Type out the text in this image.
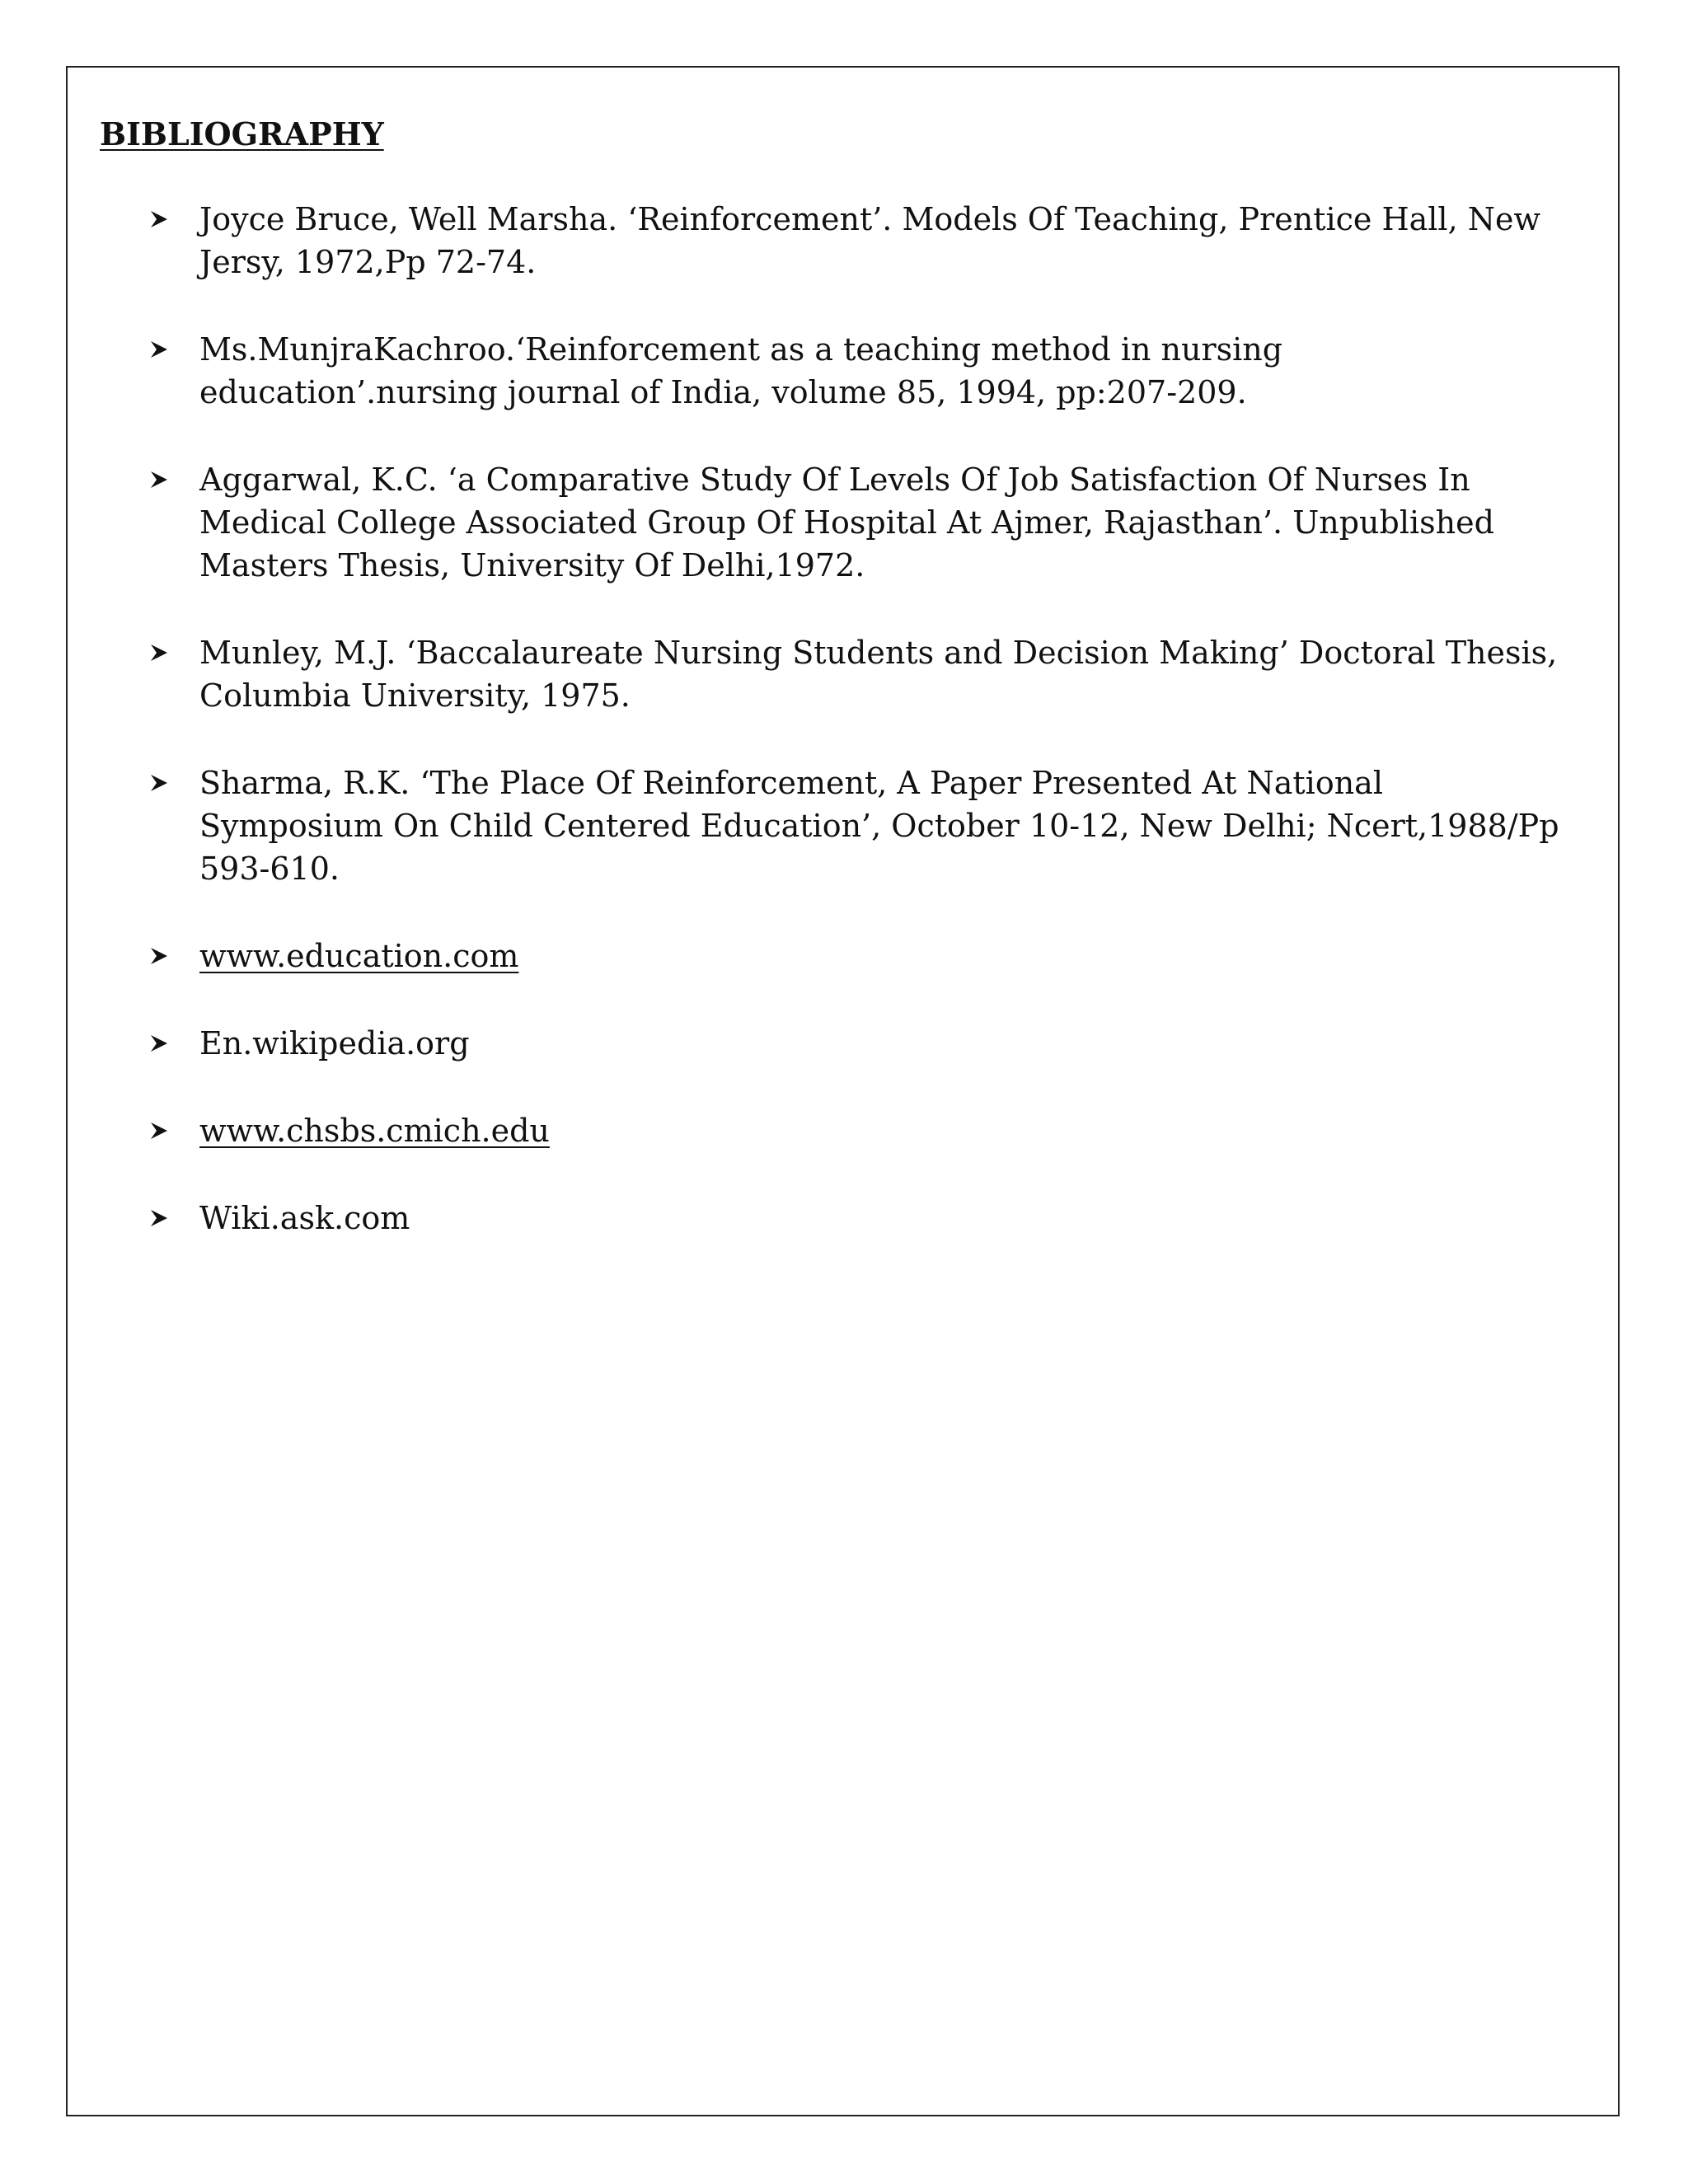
BIBLIOGRAPHY
Joyce Bruce, Well Marsha. ‘Reinforcement’. Models Of Teaching, Prentice Hall, New Jersy, 1972,Pp 72-74.
Ms.MunjraKachroo.‘Reinforcement as a teaching method in nursing education’.nursing journal of India, volume 85, 1994, pp:207-209.
Aggarwal, K.C. ‘a Comparative Study Of Levels Of Job Satisfaction Of Nurses In Medical College Associated Group Of Hospital At Ajmer, Rajasthan’. Unpublished Masters Thesis, University Of Delhi,1972.
Munley, M.J. ‘Baccalaureate Nursing Students and Decision Making’ Doctoral Thesis, Columbia University, 1975.
Sharma, R.K. ‘The Place Of Reinforcement, A Paper Presented At National Symposium On Child Centered Education’, October 10-12, New Delhi; Ncert,1988/Pp 593-610.
www.education.com
En.wikipedia.org
www.chsbs.cmich.edu
Wiki.ask.com
